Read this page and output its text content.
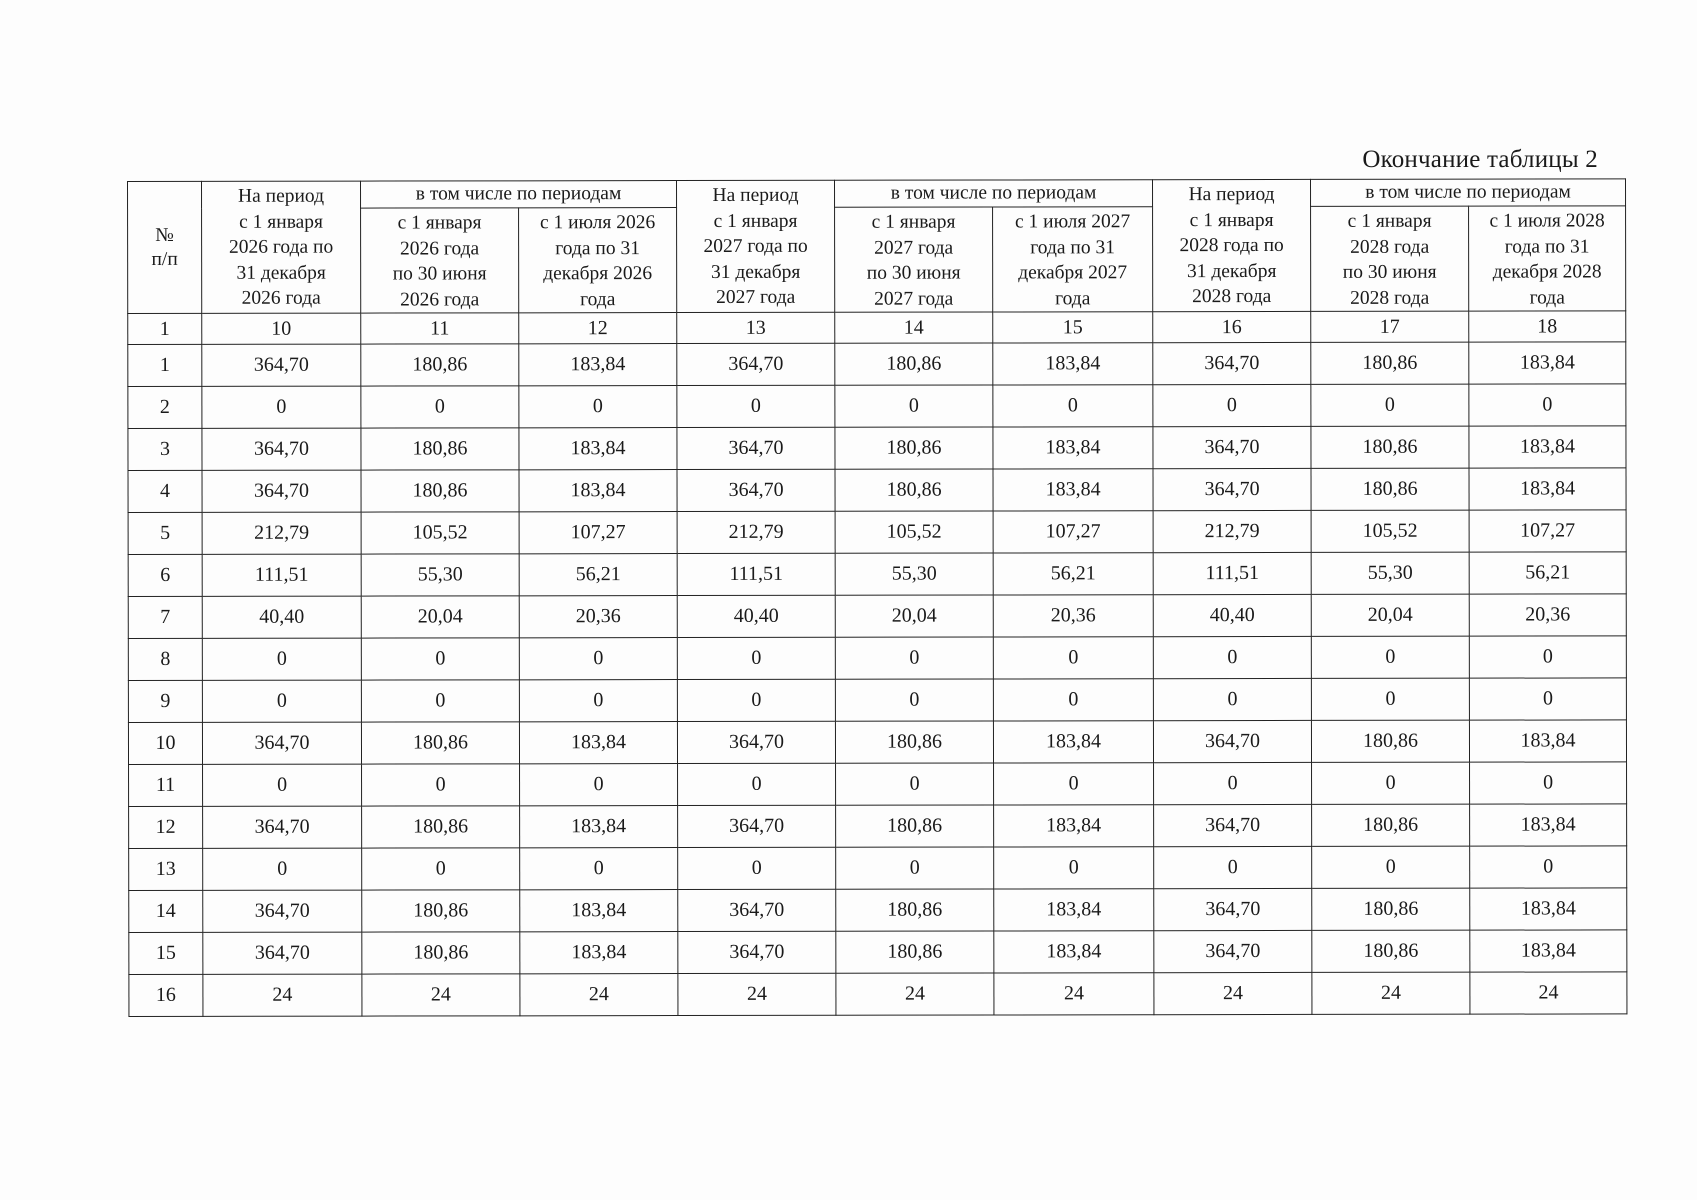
Окончание таблицы 2
№
п/п	На период
с 1 января
2026 года по
31 декабря
2026 года	в том числе по периодам		На период
с 1 января
2027 года по
31 декабря
2027 года	в том числе по периодам		На период
с 1 января
2028 года по
31 декабря
2028 года	в том числе по периодам	

		с 1 января
2026 года
по 30 июня
2026 года	с 1 июля 2026
года по 31
декабря 2026
года		с 1 января
2027 года
по 30 июня
2027 года	с 1 июля 2027
года по 31
декабря 2027
года		с 1 января
2028 года
по 30 июня
2028 года	с 1 июля 2028
года по 31
декабря 2028
года

1	10	11	12	13	14	15	16	17	18
1	364,70	180,86	183,84	364,70	180,86	183,84	364,70	180,86	183,84
2	0	0	0	0	0	0	0	0	0
3	364,70	180,86	183,84	364,70	180,86	183,84	364,70	180,86	183,84
4	364,70	180,86	183,84	364,70	180,86	183,84	364,70	180,86	183,84
5	212,79	105,52	107,27	212,79	105,52	107,27	212,79	105,52	107,27
6	111,51	55,30	56,21	111,51	55,30	56,21	111,51	55,30	56,21
7	40,40	20,04	20,36	40,40	20,04	20,36	40,40	20,04	20,36
8	0	0	0	0	0	0	0	0	0
9	0	0	0	0	0	0	0	0	0
10	364,70	180,86	183,84	364,70	180,86	183,84	364,70	180,86	183,84
11	0	0	0	0	0	0	0	0	0
12	364,70	180,86	183,84	364,70	180,86	183,84	364,70	180,86	183,84
13	0	0	0	0	0	0	0	0	0
14	364,70	180,86	183,84	364,70	180,86	183,84	364,70	180,86	183,84
15	364,70	180,86	183,84	364,70	180,86	183,84	364,70	180,86	183,84
16	24	24	24	24	24	24	24	24	24
